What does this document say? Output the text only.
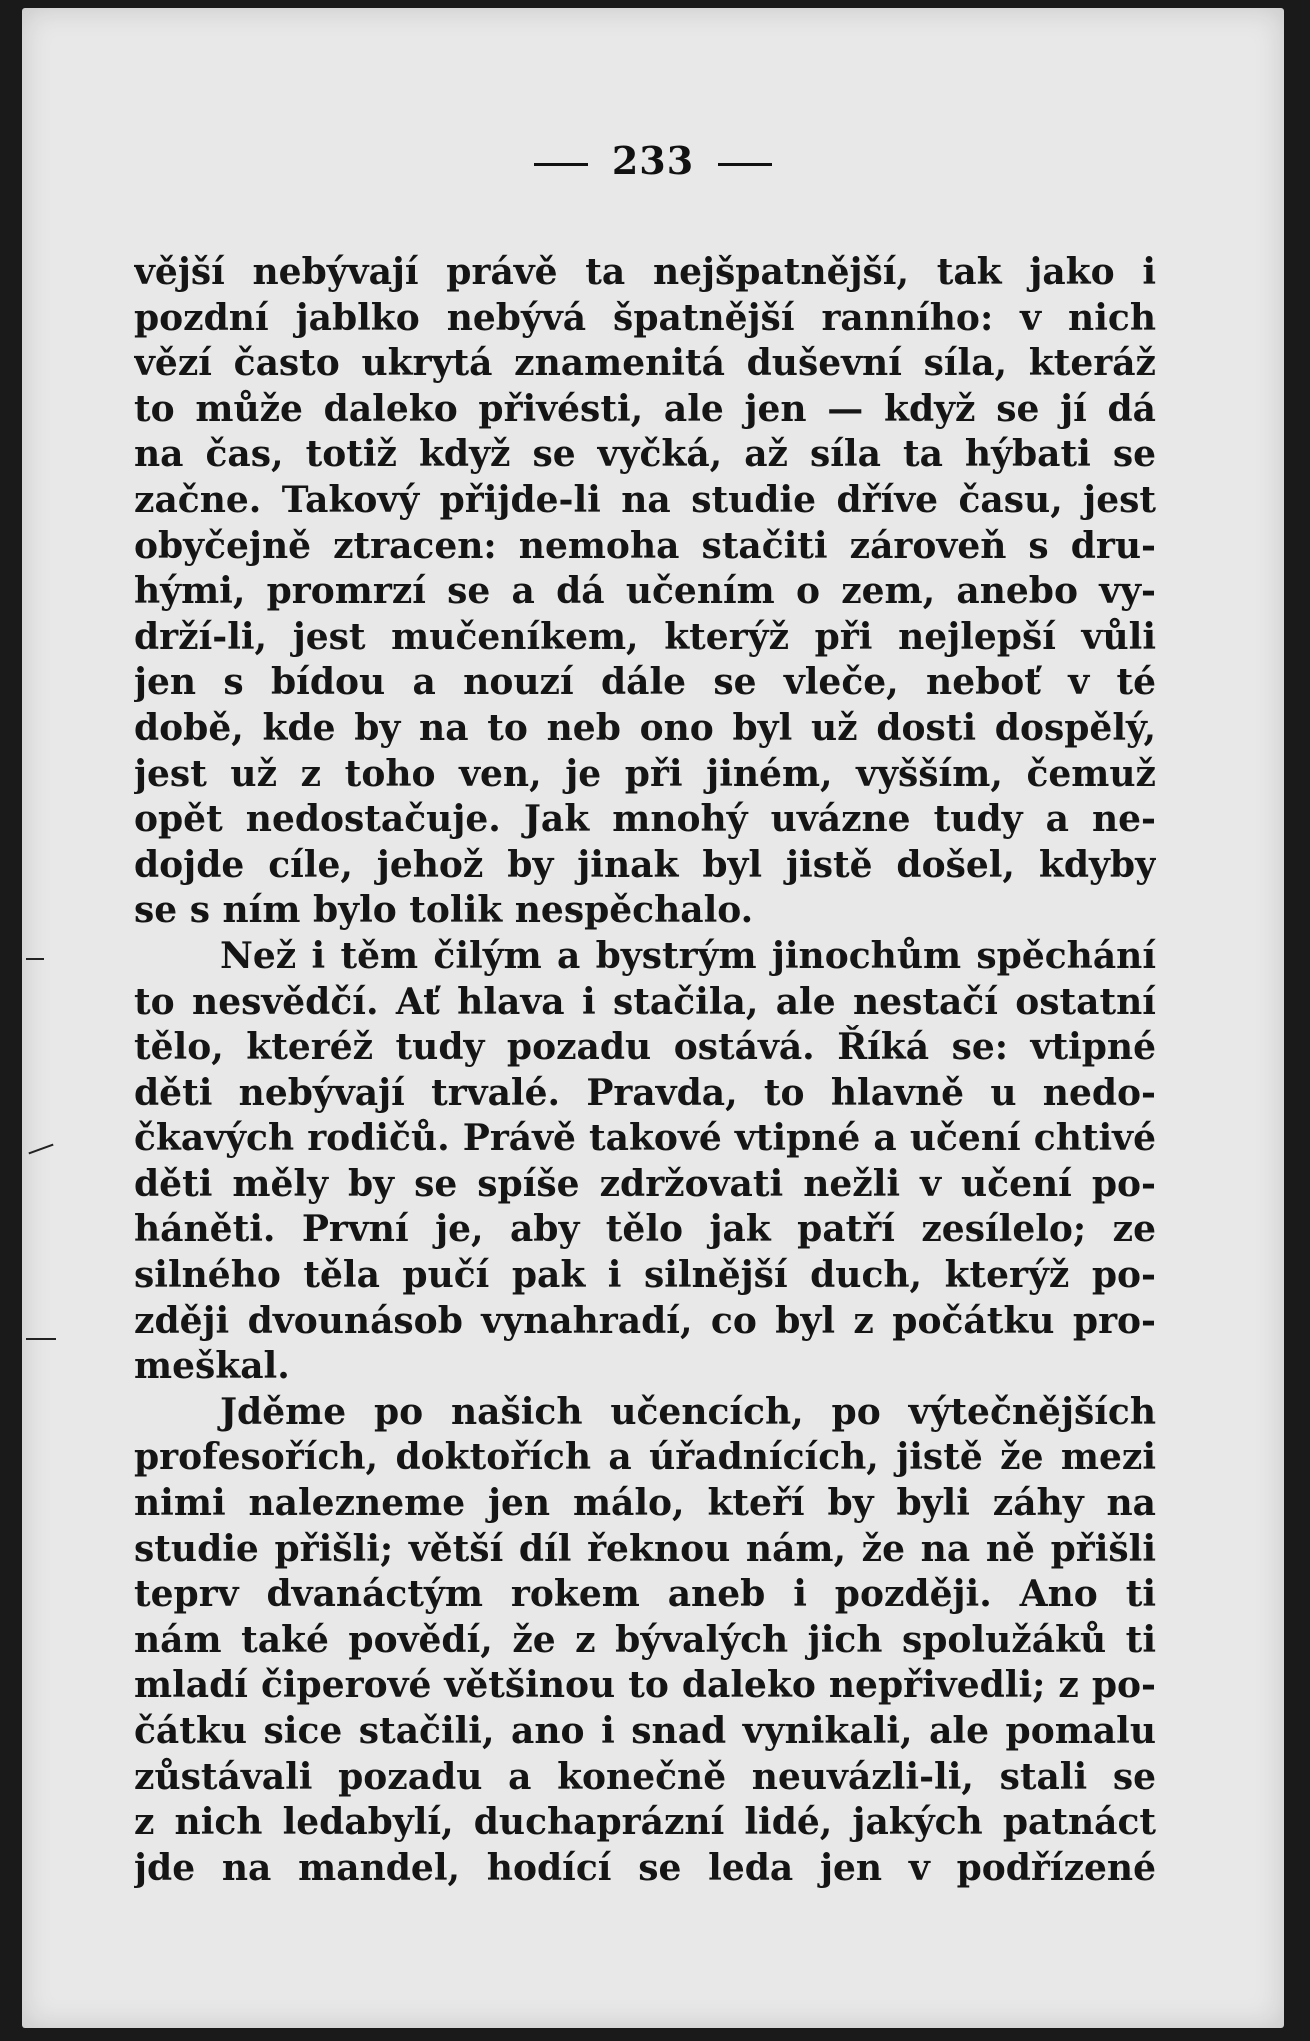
233
vější nebývají právě ta nejšpatnější, tak jako i
pozdní jablko nebývá špatnější ranního: v nich
vězí často ukrytá znamenitá duševní síla, kteráž
to může daleko přivésti, ale jen — když se jí dá
na čas, totiž když se vyčká, až síla ta hýbati se
začne. Takový přijde-li na studie dříve času, jest
obyčejně ztracen: nemoha stačiti zároveň s dru-
hými, promrzí se a dá učením o zem, anebo vy-
drží-li, jest mučeníkem, kterýž při nejlepší vůli
jen s bídou a nouzí dále se vleče, neboť v té
době, kde by na to neb ono byl už dosti dospělý,
jest už z toho ven, je při jiném, vyšším, čemuž
opět nedostačuje. Jak mnohý uvázne tudy a ne-
dojde cíle, jehož by jinak byl jistě došel, kdyby
se s ním bylo tolik nespěchalo.
Než i těm čilým a bystrým jinochům spěchání
to nesvědčí. Ať hlava i stačila, ale nestačí ostatní
tělo, kteréž tudy pozadu ostává. Říká se: vtipné
děti nebývají trvalé. Pravda, to hlavně u nedo-
čkavých rodičů. Právě takové vtipné a učení chtivé
děti měly by se spíše zdržovati nežli v učení po-
háněti. První je, aby tělo jak patří zesílelo; ze
silného těla pučí pak i silnější duch, kterýž po-
zději dvounásob vynahradí, co byl z počátku pro-
meškal.
Jděme po našich učencích, po výtečnějších
profesořích, doktořích a úřadnících, jistě že mezi
nimi nalezneme jen málo, kteří by byli záhy na
studie přišli; větší díl řeknou nám, že na ně přišli
teprv dvanáctým rokem aneb i později. Ano ti
nám také povědí, že z bývalých jich spolužáků ti
mladí čiperové většinou to daleko nepřivedli; z po-
čátku sice stačili, ano i snad vynikali, ale pomalu
zůstávali pozadu a konečně neuvázli-li, stali se
z nich ledabylí, duchaprázní lidé, jakých patnáct
jde na mandel, hodící se leda jen v podřízené
